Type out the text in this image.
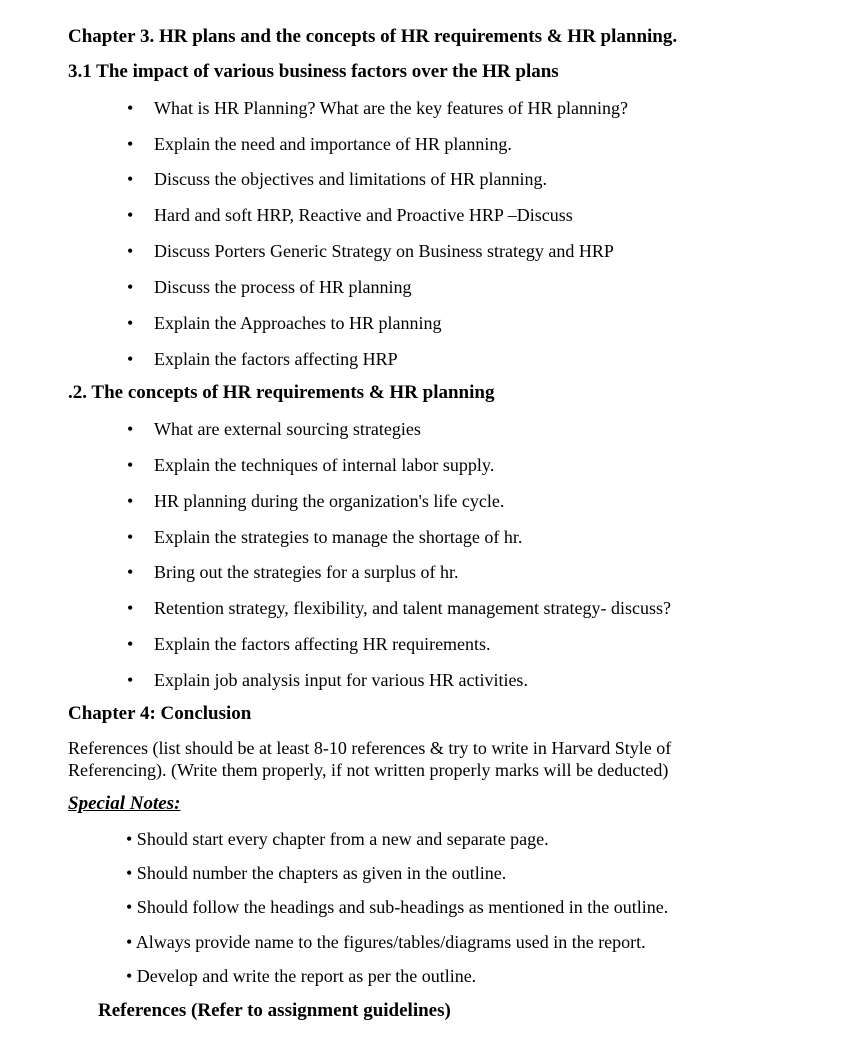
Chapter 3. HR plans and the concepts of HR requirements & HR planning.
3.1 The impact of various business factors over the HR plans
• What is HR Planning? What are the key features of HR planning?
• Explain the need and importance of HR planning.
• Discuss the objectives and limitations of HR planning.
• Hard and soft HRP, Reactive and Proactive HRP –Discuss
• Discuss Porters Generic Strategy on Business strategy and HRP
• Discuss the process of HR planning
• Explain the Approaches to HR planning
• Explain the factors affecting HRP
.2. The concepts of HR requirements & HR planning
• What are external sourcing strategies
• Explain the techniques of internal labor supply.
• HR planning during the organization's life cycle.
• Explain the strategies to manage the shortage of hr.
• Bring out the strategies for a surplus of hr.
• Retention strategy, flexibility, and talent management strategy- discuss?
• Explain the factors affecting HR requirements.
• Explain job analysis input for various HR activities.
Chapter 4: Conclusion
References (list should be at least 8-10 references & try to write in Harvard Style of
Referencing). (Write them properly, if not written properly marks will be deducted)
Special Notes:
• Should start every chapter from a new and separate page.
• Should number the chapters as given in the outline.
• Should follow the headings and sub-headings as mentioned in the outline.
• Always provide name to the figures/tables/diagrams used in the report.
• Develop and write the report as per the outline.
References (Refer to assignment guidelines)
